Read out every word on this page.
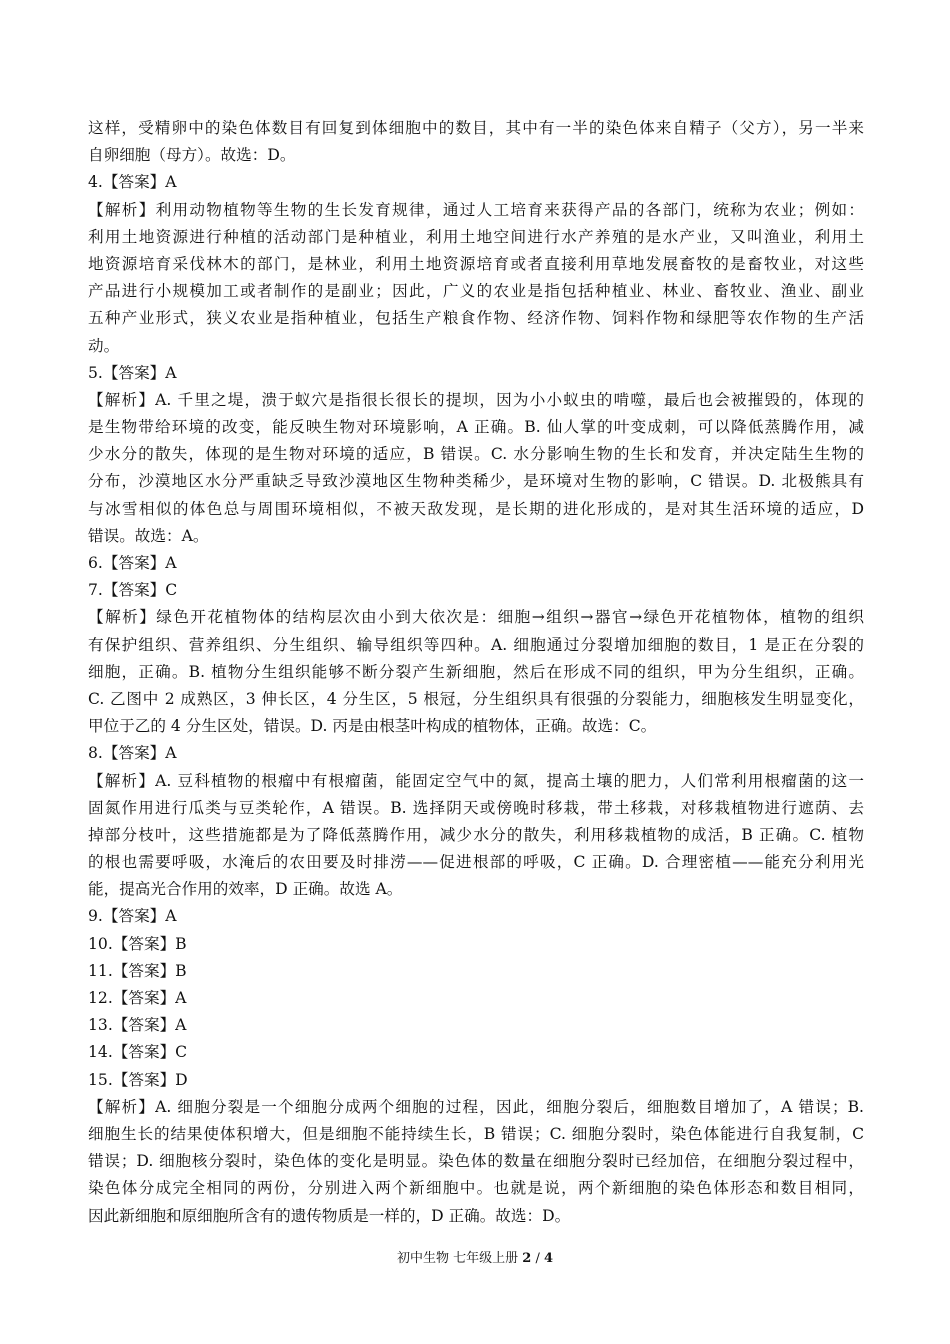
这样，受精卵中的染色体数目有回复到体细胞中的数目，其中有一半的染色体来自精子（父方），另一半来
自卵细胞（母方）。故选：D。
4.【答案】A
【解析】利用动物植物等生物的生长发育规律，通过人工培育来获得产品的各部门，统称为农业；例如：
利用土地资源进行种植的活动部门是种植业，利用土地空间进行水产养殖的是水产业，又叫渔业，利用土
地资源培育采伐林木的部门，是林业，利用土地资源培育或者直接利用草地发展畜牧的是畜牧业，对这些
产品进行小规模加工或者制作的是副业；因此，广义的农业是指包括种植业、林业、畜牧业、渔业、副业
五种产业形式，狭义农业是指种植业，包括生产粮食作物、经济作物、饲料作物和绿肥等农作物的生产活
动。
5.【答案】A
【解析】A. 千里之堤，溃于蚁穴是指很长很长的提坝，因为小小蚁虫的啃噬，最后也会被摧毁的，体现的
是生物带给环境的改变，能反映生物对环境影响，A 正确。B. 仙人掌的叶变成刺，可以降低蒸腾作用，减
少水分的散失，体现的是生物对环境的适应，B 错误。C. 水分影响生物的生长和发育，并决定陆生生物的
分布，沙漠地区水分严重缺乏导致沙漠地区生物种类稀少，是环境对生物的影响，C 错误。D. 北极熊具有
与冰雪相似的体色总与周围环境相似，不被天敌发现，是长期的进化形成的，是对其生活环境的适应，D
错误。故选：A。
6.【答案】A
7.【答案】C
【解析】绿色开花植物体的结构层次由小到大依次是：细胞→组织→器官→绿色开花植物体，植物的组织
有保护组织、营养组织、分生组织、输导组织等四种。A. 细胞通过分裂增加细胞的数目，1 是正在分裂的
细胞，正确。B. 植物分生组织能够不断分裂产生新细胞，然后在形成不同的组织，甲为分生组织，正确。
C. 乙图中 2 成熟区，3 伸长区，4 分生区，5 根冠，分生组织具有很强的分裂能力，细胞核发生明显变化，
甲位于乙的 4 分生区处，错误。D. 丙是由根茎叶构成的植物体，正确。故选：C。
8.【答案】A
【解析】A. 豆科植物的根瘤中有根瘤菌，能固定空气中的氮，提高土壤的肥力，人们常利用根瘤菌的这一
固氮作用进行瓜类与豆类轮作，A 错误。B. 选择阴天或傍晚时移栽，带土移栽，对移栽植物进行遮荫、去
掉部分枝叶，这些措施都是为了降低蒸腾作用，减少水分的散失，利用移栽植物的成活，B 正确。C. 植物
的根也需要呼吸，水淹后的农田要及时排涝——促进根部的呼吸，C 正确。D. 合理密植——能充分利用光
能，提高光合作用的效率，D 正确。故选 A。
9.【答案】A
10.【答案】B
11.【答案】B
12.【答案】A
13.【答案】A
14.【答案】C
15.【答案】D
【解析】A. 细胞分裂是一个细胞分成两个细胞的过程，因此，细胞分裂后，细胞数目增加了，A 错误；B.
细胞生长的结果使体积增大，但是细胞不能持续生长，B 错误；C. 细胞分裂时，染色体能进行自我复制，C
错误；D. 细胞核分裂时，染色体的变化是明显。染色体的数量在细胞分裂时已经加倍，在细胞分裂过程中，
染色体分成完全相同的两份，分别进入两个新细胞中。也就是说，两个新细胞的染色体形态和数目相同，
因此新细胞和原细胞所含有的遗传物质是一样的，D 正确。故选：D。
初中生物 七年级上册 2 / 4
